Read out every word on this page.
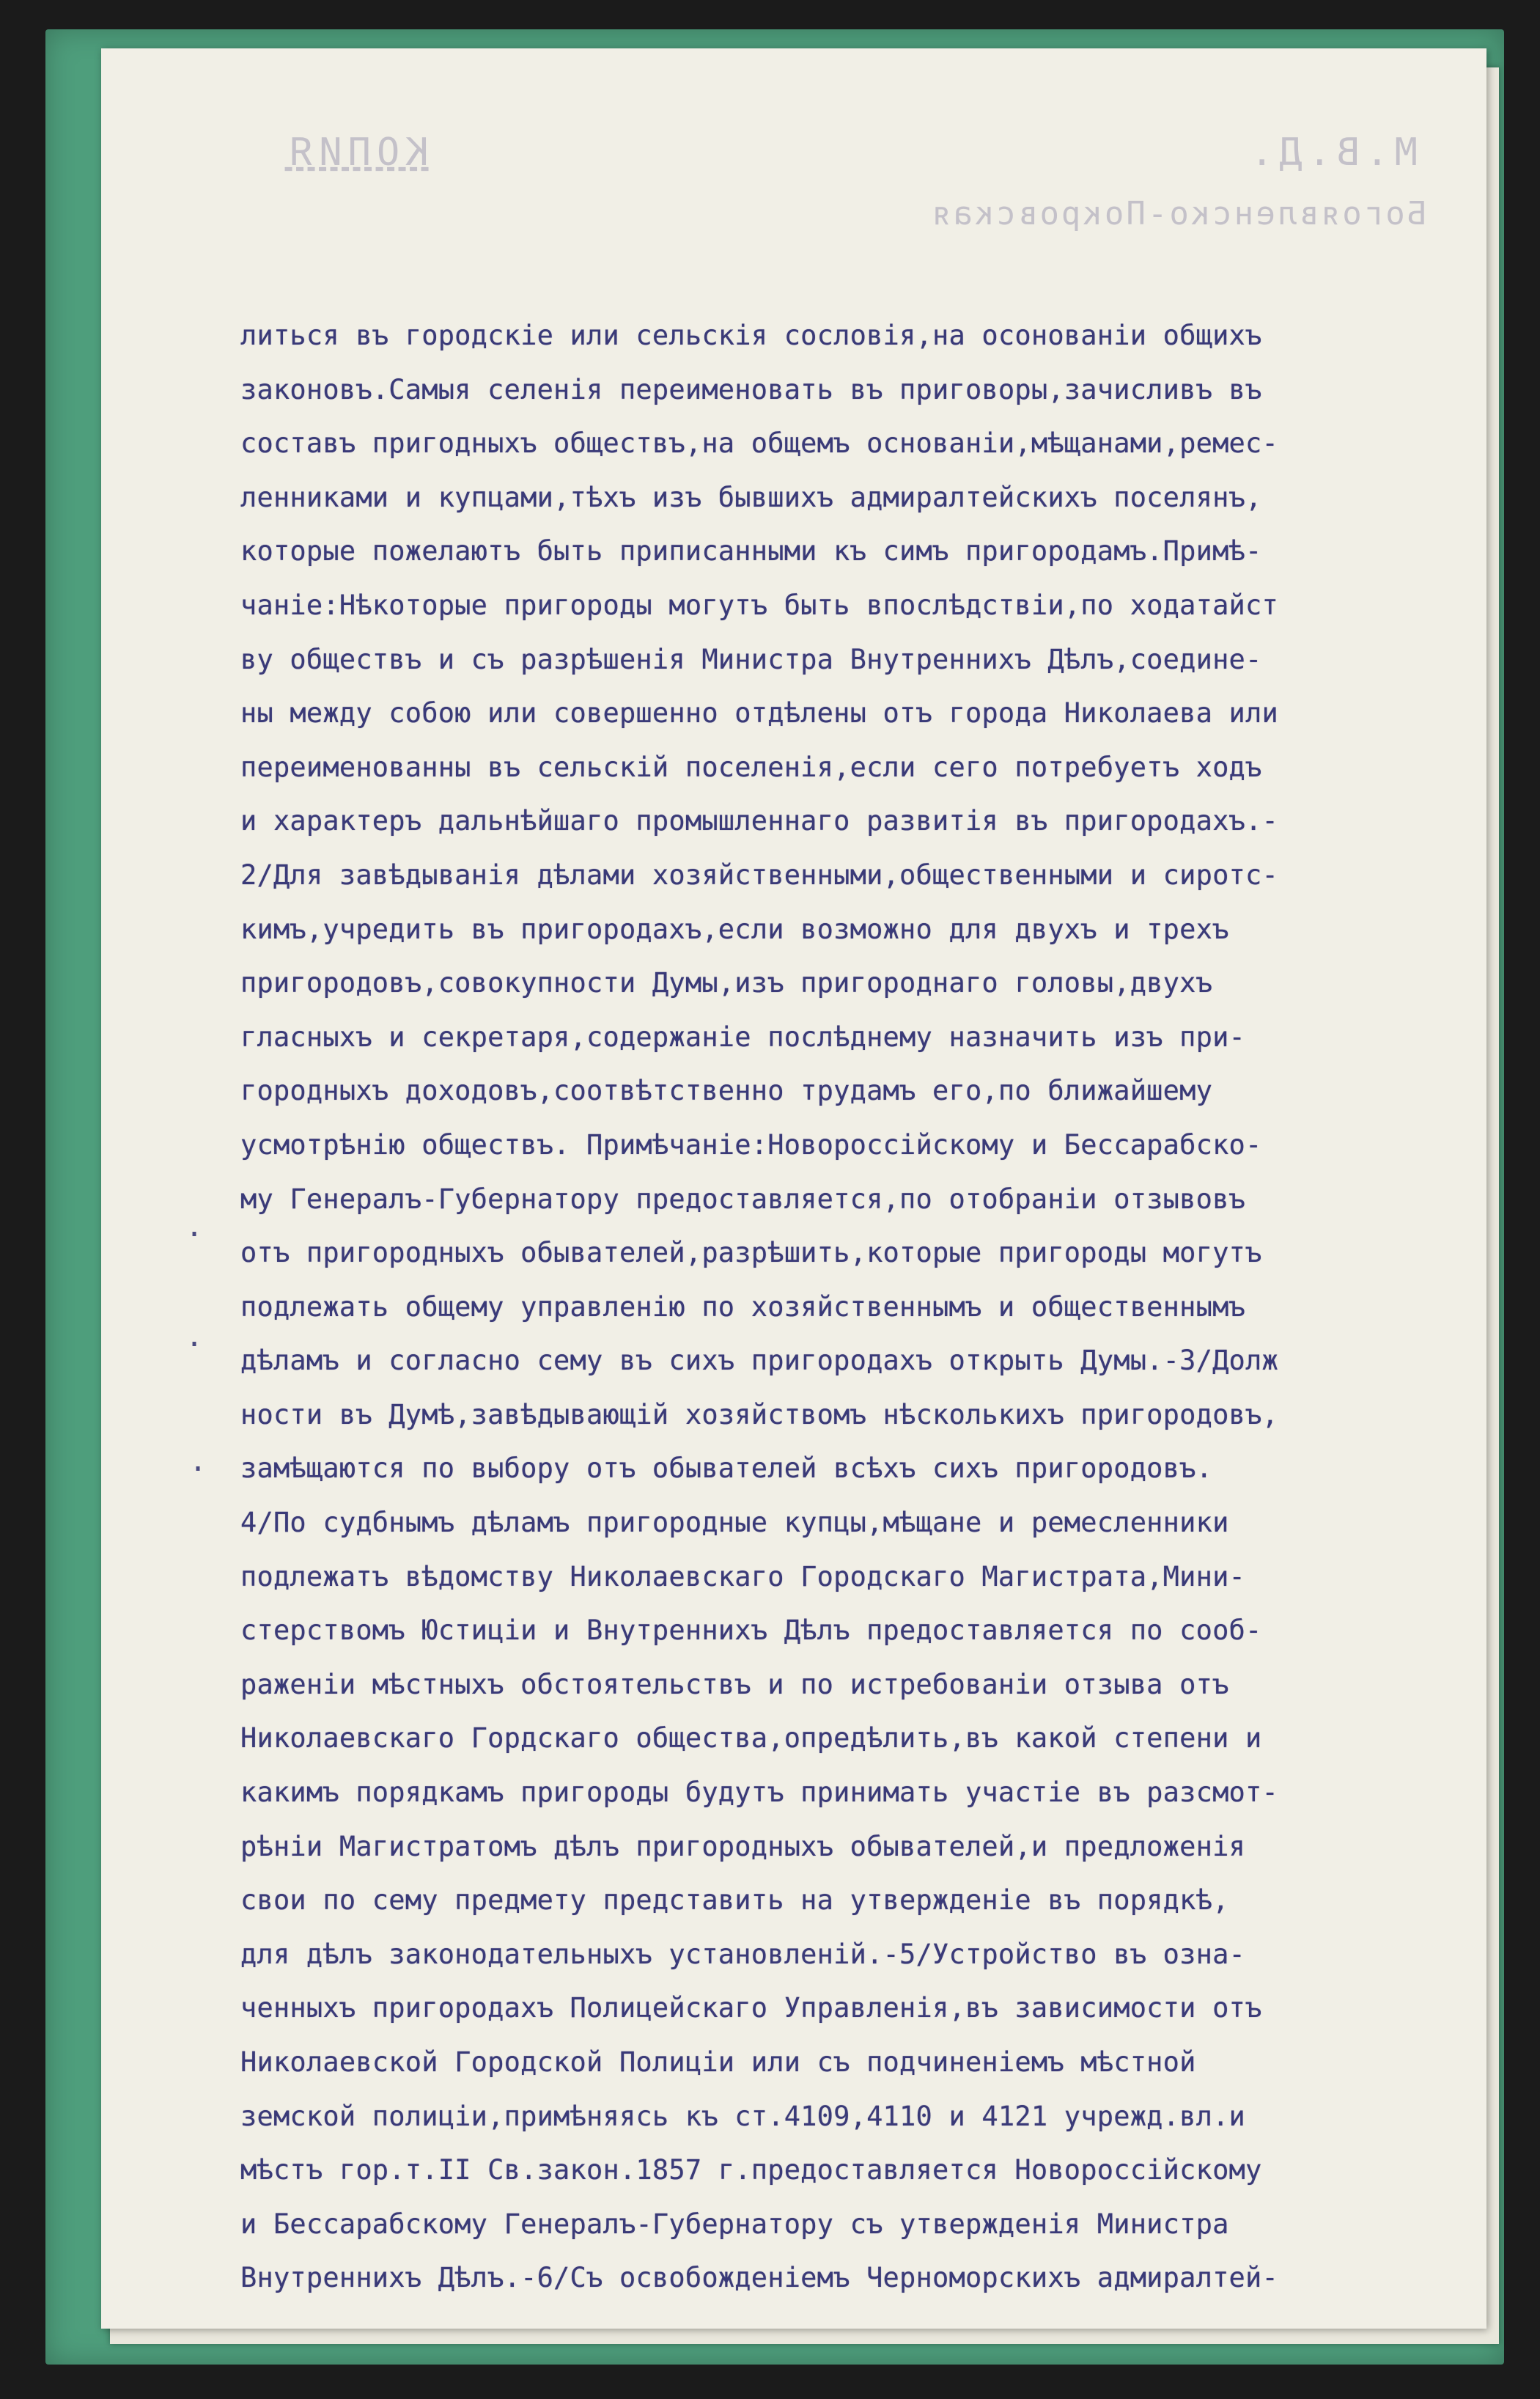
КОПИЯ	М.В.Д.
Богоявленско-Покровская
·
·
·
литься въ городскіе или сельскія сословія,на ocoнованіи общихъ
законовъ.Самыя селенія переименовать въ приговоры,зачисливъ въ
составъ пригодныхъ обществъ,на общемъ основаніи,мѣщанами,ремес-
ленниками и купцами,тѣхъ изъ бывшихъ адмиралтейскихъ поселянъ,
которые пожелаютъ быть приписанными къ симъ пригородамъ.Примѣ-
чаніе:Нѣкоторые пригороды могутъ быть впослѣдствіи,по ходатайст
ву обществъ и съ разрѣшенія Министра Внутреннихъ Дѣлъ,соедине-
ны между собою или совершенно отдѣлены отъ города Николаева или
переименованны въ сельскій поселенія,если сего потребуетъ ходъ
и характеръ дальнѣйшаго промышленнаго развитія въ пригородахъ.-
2/Для завѣдыванія дѣлами хозяйственными,общественными и сиротс-
кимъ,учредить въ пригородахъ,если возможно для двухъ и трехъ
пригородовъ,совокупности Думы,изъ пригороднаго головы,двухъ
гласныхъ и секретаря,содержаніе послѣднему назначить изъ при-
городныхъ доходовъ,соотвѣтственно трудамъ его,по ближайшему
усмотрѣнію обществъ. Примѣчаніе:Новороссійскому и Бессарабско-
му Генералъ-Губернатору предоставляется,по отобраніи отзывовъ
отъ пригородныхъ обывателей,разрѣшить,которые пригороды могутъ
подлежать общему управленію по хозяйственнымъ и общественнымъ
дѣламъ и согласно сему въ сихъ пригородахъ открыть Думы.-3/Долж
ности въ Думѣ,завѣдывающій хозяйствомъ нѣсколькихъ пригородовъ,
замѣщаются по выбору отъ обывателей всѣхъ сихъ пригородовъ.
4/По судбнымъ дѣламъ пригородные купцы,мѣщане и ремесленники
подлежатъ вѣдомству Николаевскаго Городскаго Магистрата,Мини-
стерствомъ Юстиціи и Внутреннихъ Дѣлъ предоставляется по сооб-
раженіи мѣстныхъ обстоятельствъ и по истребованіи отзыва отъ
Николаевскаго Гордскаго общества,опредѣлить,въ какой степени и
какимъ порядкамъ пригороды будутъ принимать участіе въ разсмот-
рѣніи Магистратомъ дѣлъ пригородныхъ обывателей,и предложенія
свои по сему предмету представить на утвержденіе въ порядкѣ,
для дѣлъ законодательныхъ установленій.-5/Устройство въ озна-
ченныхъ пригородахъ Полицейскаго Управленія,въ зависимости отъ
Николаевской Городской Полиціи или съ подчиненіемъ мѣстной
земской полиціи,примѣняясь къ ст.4109,4110 и 4121 учрежд.вл.и
мѣстъ гор.т.II Св.закон.1857 г.предоставляется Новороссійскому
и Бессарабскому Генералъ-Губернатору съ утвержденія Министра
Внутреннихъ Дѣлъ.-6/Съ освобожденіемъ Черноморскихъ адмиралтей-
